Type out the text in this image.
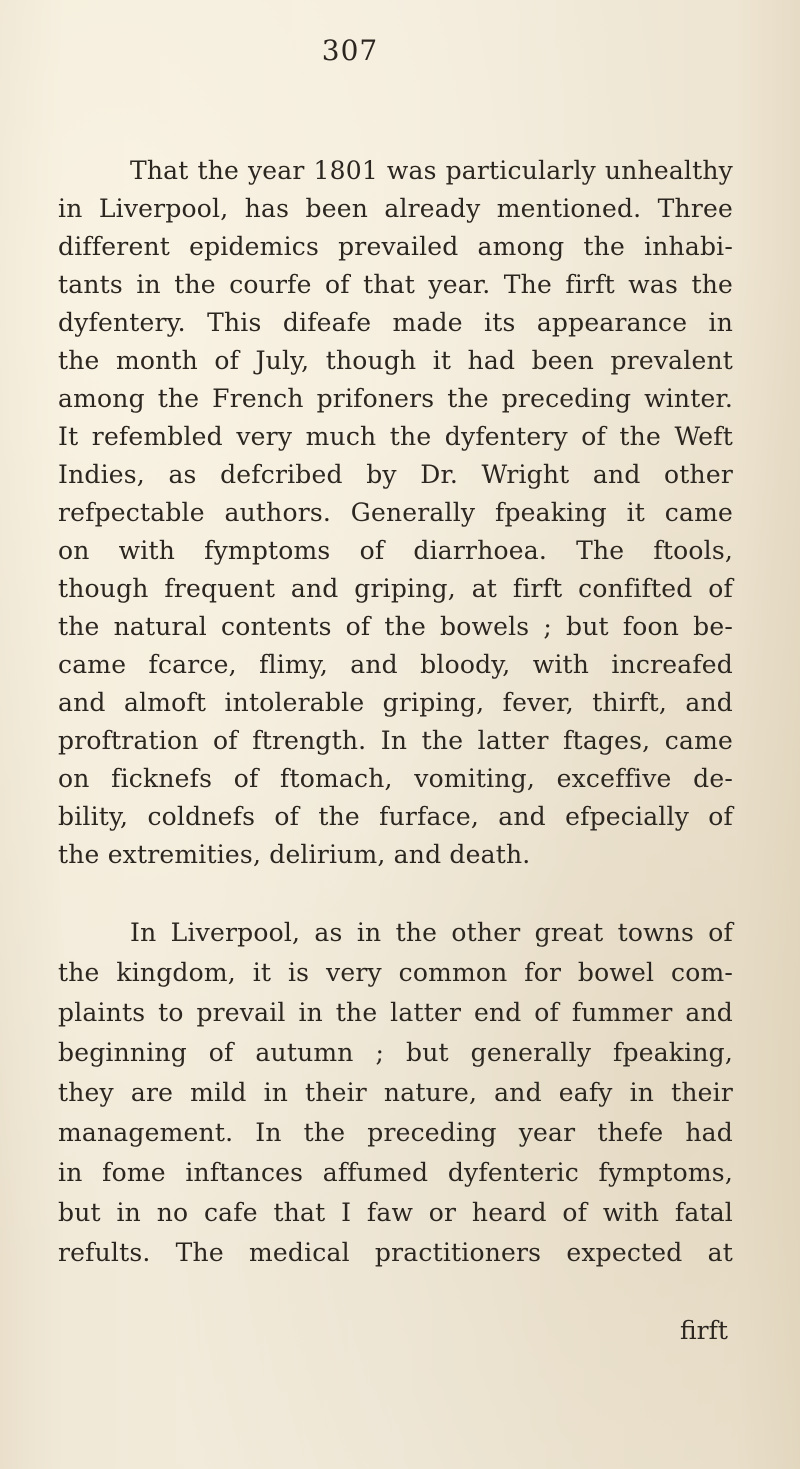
307
That the year 1801 was particularly unhealthy
in Liverpool, has been already mentioned. Three
different epidemics prevailed among the inhabi-
tants in the courfe of that year. The firft was the
dyfentery. This difeafe made its appearance in
the month of July, though it had been prevalent
among the French prifoners the preceding winter.
It refembled very much the dyfentery of the Weft
Indies, as defcribed by Dr. Wright and other
refpectable authors. Generally fpeaking it came
on with fymptoms of diarrhoea. The ftools,
though frequent and griping, at firft confifted of
the natural contents of the bowels ; but foon be-
came fcarce, flimy, and bloody, with increafed
and almoft intolerable griping, fever, thirft, and
proftration of ftrength. In the latter ftages, came
on ficknefs of ftomach, vomiting, exceffive de-
bility, coldnefs of the furface, and efpecially of
the extremities, delirium, and death.
In Liverpool, as in the other great towns of
the kingdom, it is very common for bowel com-
plaints to prevail in the latter end of fummer and
beginning of autumn ; but generally fpeaking,
they are mild in their nature, and eafy in their
management. In the preceding year thefe had
in fome inftances affumed dyfenteric fymptoms,
but in no cafe that I faw or heard of with fatal
refults. The medical practitioners expected at
firft
